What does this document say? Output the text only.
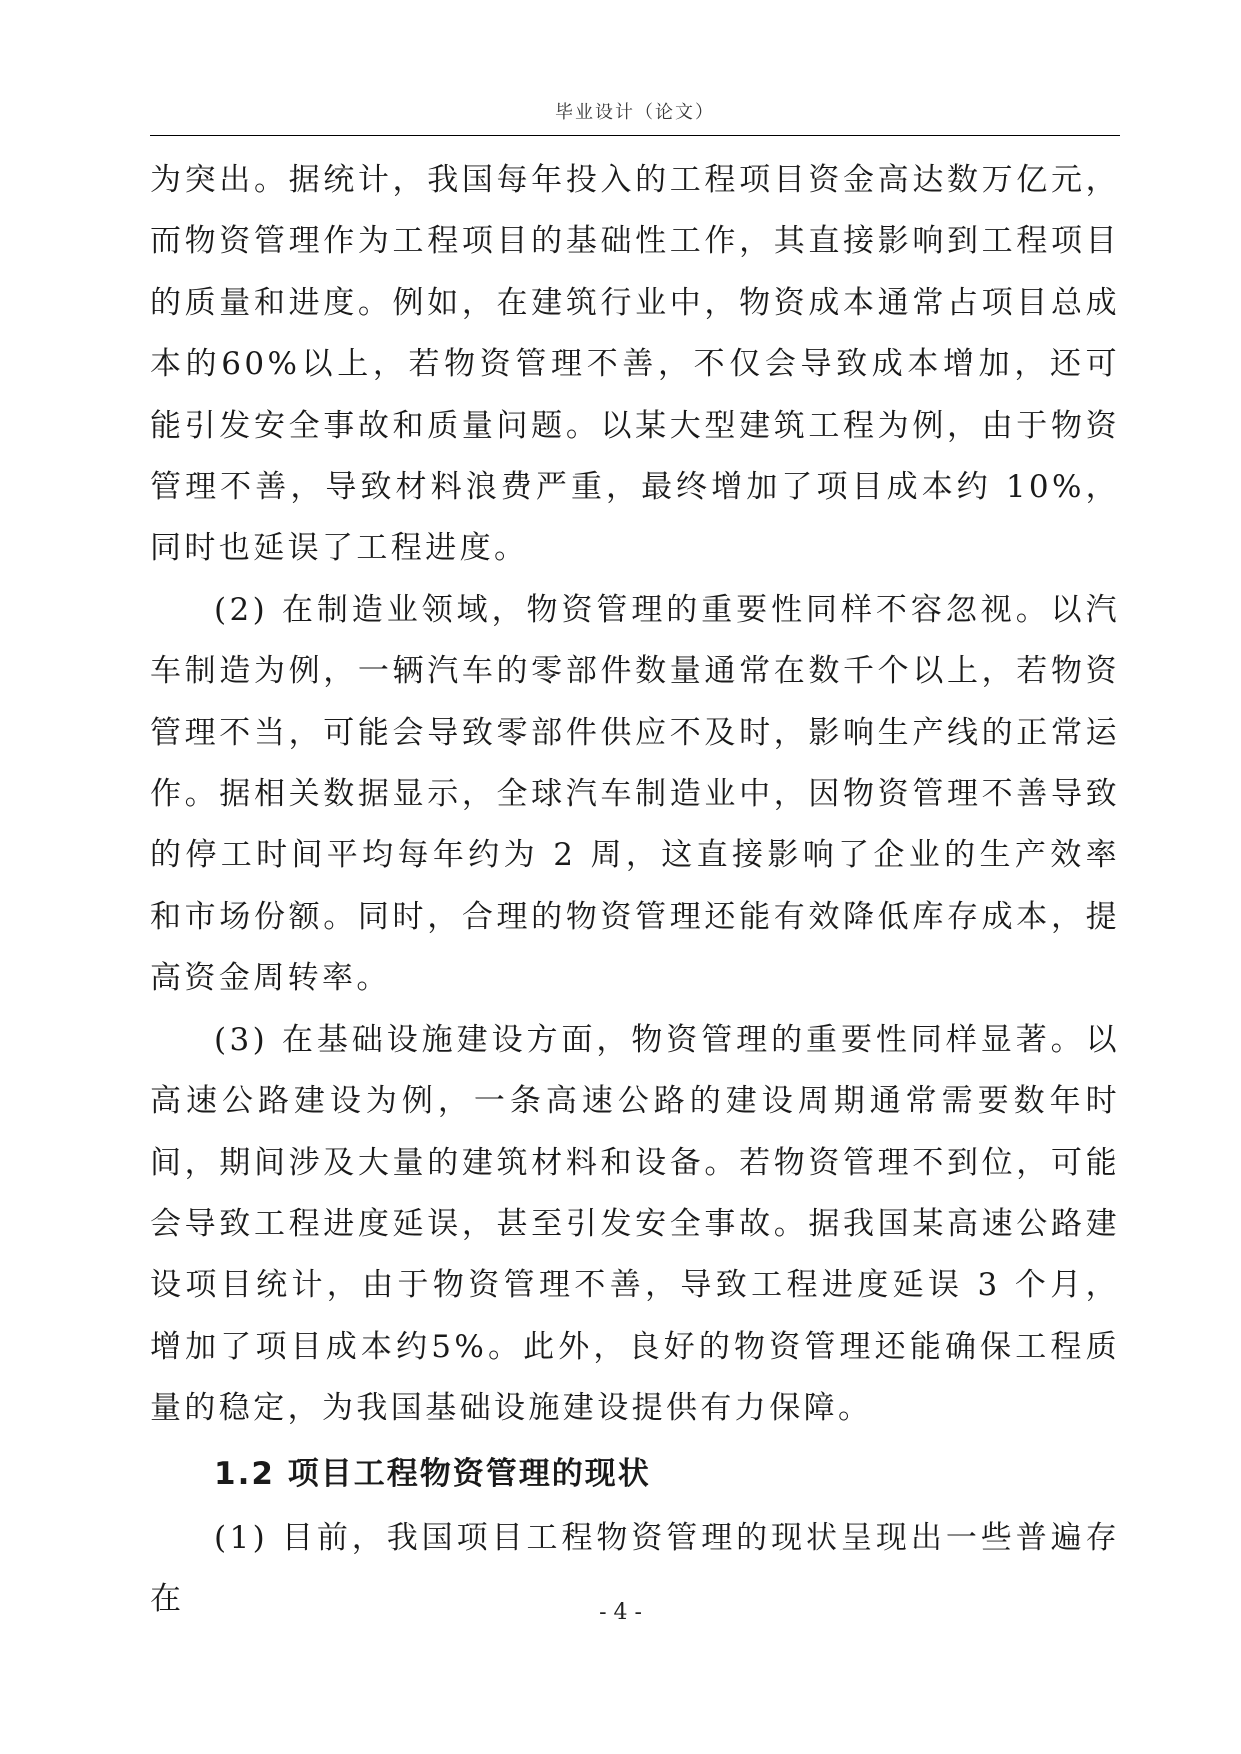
毕业设计（论文）

为突出。据统计，我国每年投入的工程项目资金高达数万亿元，而物资管理作为工程项目的基础性工作，其直接影响到工程项目的质量和进度。例如，在建筑行业中，物资成本通常占项目总成本的60%以上，若物资管理不善，不仅会导致成本增加，还可能引发安全事故和质量问题。以某大型建筑工程为例，由于物资管理不善，导致材料浪费严重，最终增加了项目成本约 10%，同时也延误了工程进度。

(2) 在制造业领域，物资管理的重要性同样不容忽视。以汽车制造为例，一辆汽车的零部件数量通常在数千个以上，若物资管理不当，可能会导致零部件供应不及时，影响生产线的正常运作。据相关数据显示，全球汽车制造业中，因物资管理不善导致的停工时间平均每年约为 2 周，这直接影响了企业的生产效率和市场份额。同时，合理的物资管理还能有效降低库存成本，提高资金周转率。

(3) 在基础设施建设方面，物资管理的重要性同样显著。以高速公路建设为例，一条高速公路的建设周期通常需要数年时间，期间涉及大量的建筑材料和设备。若物资管理不到位，可能会导致工程进度延误，甚至引发安全事故。据我国某高速公路建设项目统计，由于物资管理不善，导致工程进度延误 3 个月，增加了项目成本约5%。此外，良好的物资管理还能确保工程质量的稳定，为我国基础设施建设提供有力保障。

1.2 项目工程物资管理的现状

(1) 目前，我国项目工程物资管理的现状呈现出一些普遍存在	- 4 -
